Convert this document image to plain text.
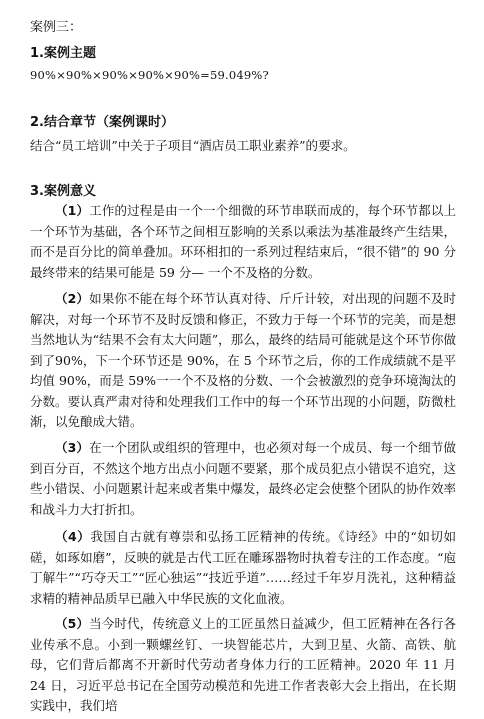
案例三：
1.案例主题
90%×90%×90%×90%×90%=59.049%?
2.结合章节（案例课时）
结合“员工培训”中关于子项目“酒店员工职业素养”的要求。
3.案例意义

（1）工作的过程是由一个一个细微的环节串联而成的，每个环节都以上一个环节为基础，各个环节之间相互影响的关系以乘法为基准最终产生结果，而不是百分比的简单叠加。环环相扣的一系列过程结束后，“很不错”的 90 分最终带来的结果可能是 59 分— 一个不及格的分数。

（2）如果你不能在每个环节认真对待、斤斤计较，对出现的问题不及时解决，对每一个环节不及时反馈和修正，不致力于每一个环节的完美，而是想当然地认为“结果不会有太大问题”，那么，最终的结局可能就是这个环节你做到了90%，下一个环节还是 90%，在 5 个环节之后，你的工作成绩就不是平均值 90%，而是 59%一一个不及格的分数、一个会被激烈的竞争环境淘汰的分数。要认真严肃对待和处理我们工作中的每一个环节出现的小问题，防微杜渐，以免酿成大错。

（3）在一个团队或组织的管理中，也必须对每一个成员、每一个细节做到百分百，不然这个地方出点小问题不要紧，那个成员犯点小错误不追究，这些小错误、小问题累计起来或者集中爆发，最终必定会使整个团队的协作效率和战斗力大打折扣。

（4）我国自古就有尊崇和弘扬工匠精神的传统。《诗经》中的“如切如磋，如琢如磨”，反映的就是古代工匠在雕琢器物时执着专注的工作态度。“庖丁解牛”“巧夺天工”“匠心独运”“技近乎道”……经过千年岁月洗礼，这种精益求精的精神品质早已融入中华民族的文化血液。

（5）当今时代，传统意义上的工匠虽然日益减少，但工匠精神在各行各业传承不息。小到一颗螺丝钉、一块智能芯片，大到卫星、火箭、高铁、航母，它们背后都离不开新时代劳动者身体力行的工匠精神。2020 年 11 月 24 日，习近平总书记在全国劳动模范和先进工作者表彰大会上指出，在长期实践中，我们培
